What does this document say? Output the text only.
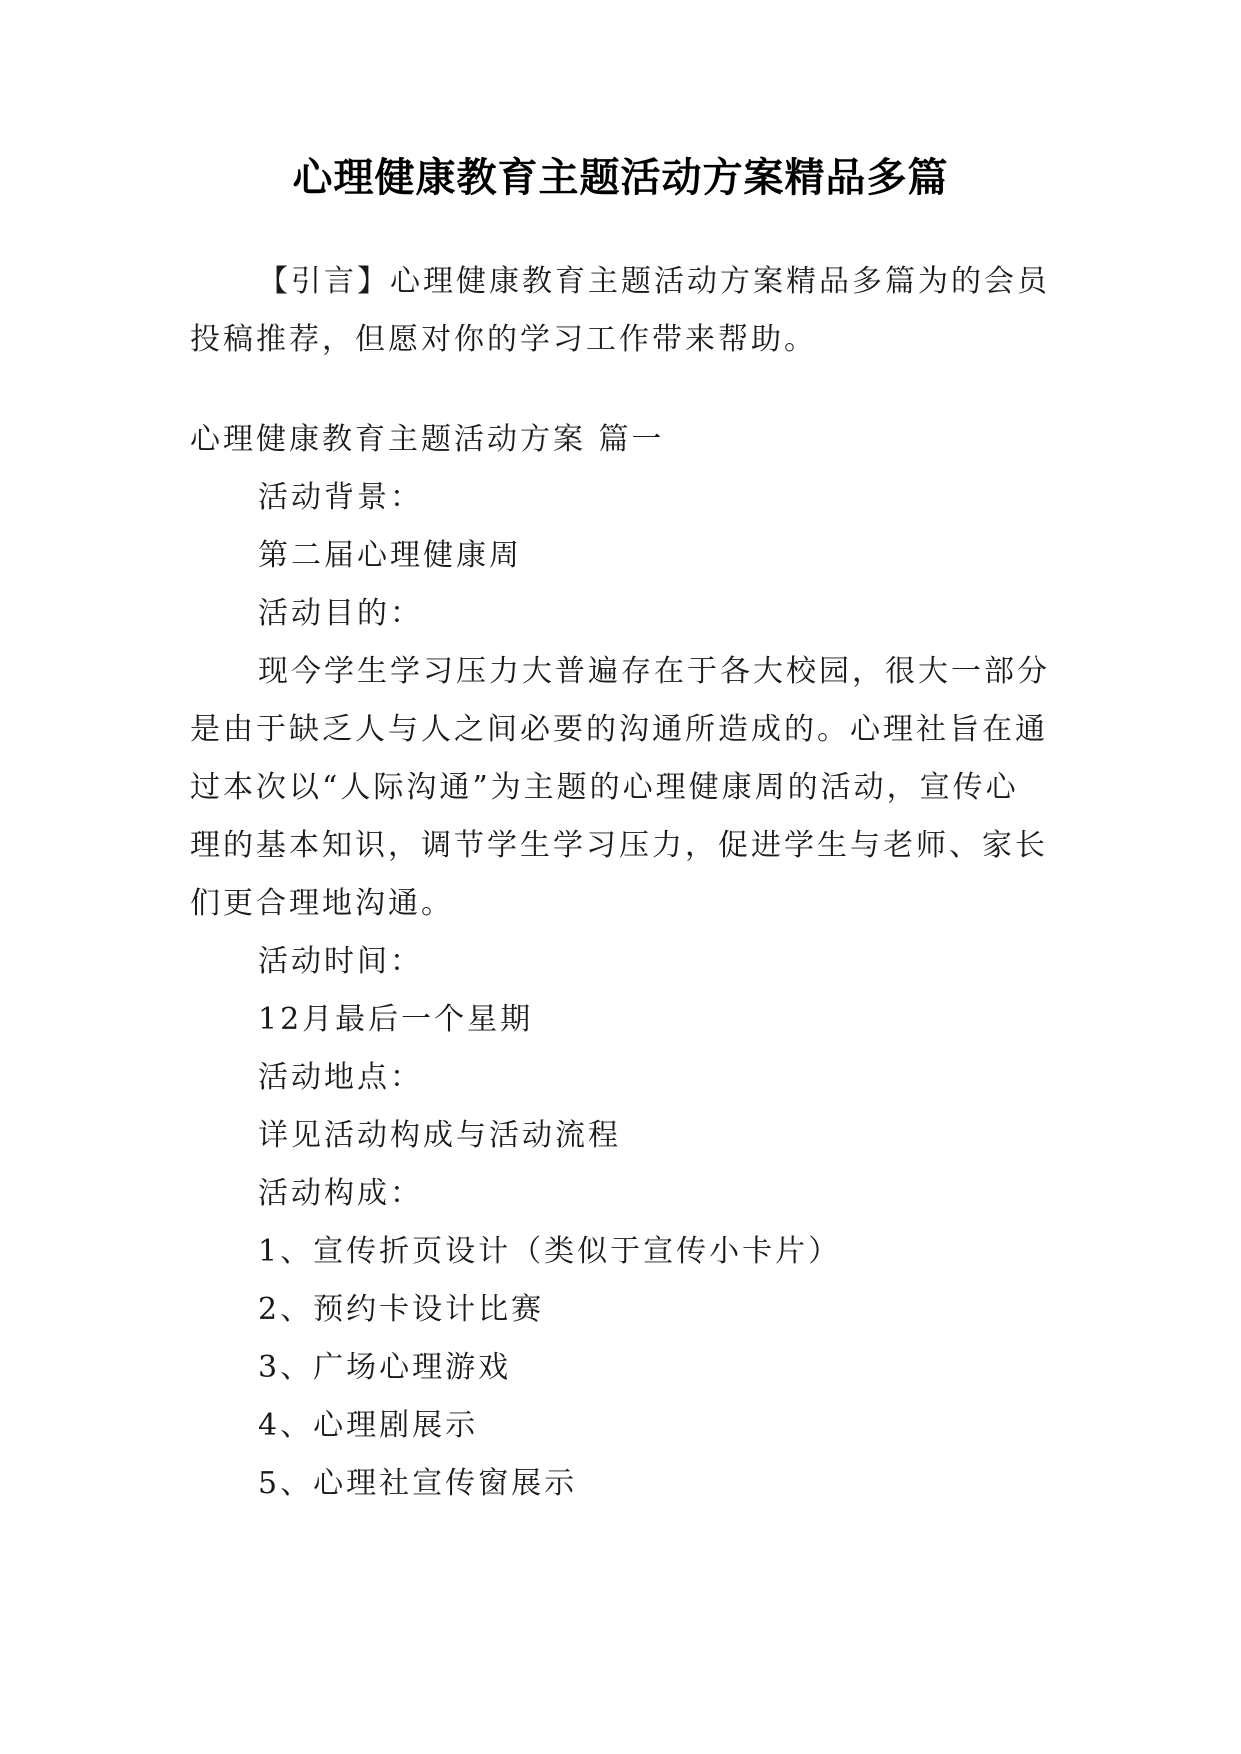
心理健康教育主题活动方案精品多篇
【引言】心理健康教育主题活动方案精品多篇为的会员
投稿推荐，但愿对你的学习工作带来帮助。
心理健康教育主题活动方案 篇一
活动背景：
第二届心理健康周
活动目的：
现今学生学习压力大普遍存在于各大校园，很大一部分
是由于缺乏人与人之间必要的沟通所造成的。心理社旨在通
过本次以“人际沟通”为主题的心理健康周的活动，宣传心
理的基本知识，调节学生学习压力，促进学生与老师、家长
们更合理地沟通。
活动时间：
12月最后一个星期
活动地点：
详见活动构成与活动流程
活动构成：
1、宣传折页设计（类似于宣传小卡片）
2、预约卡设计比赛
3、广场心理游戏
4、心理剧展示
5、心理社宣传窗展示
